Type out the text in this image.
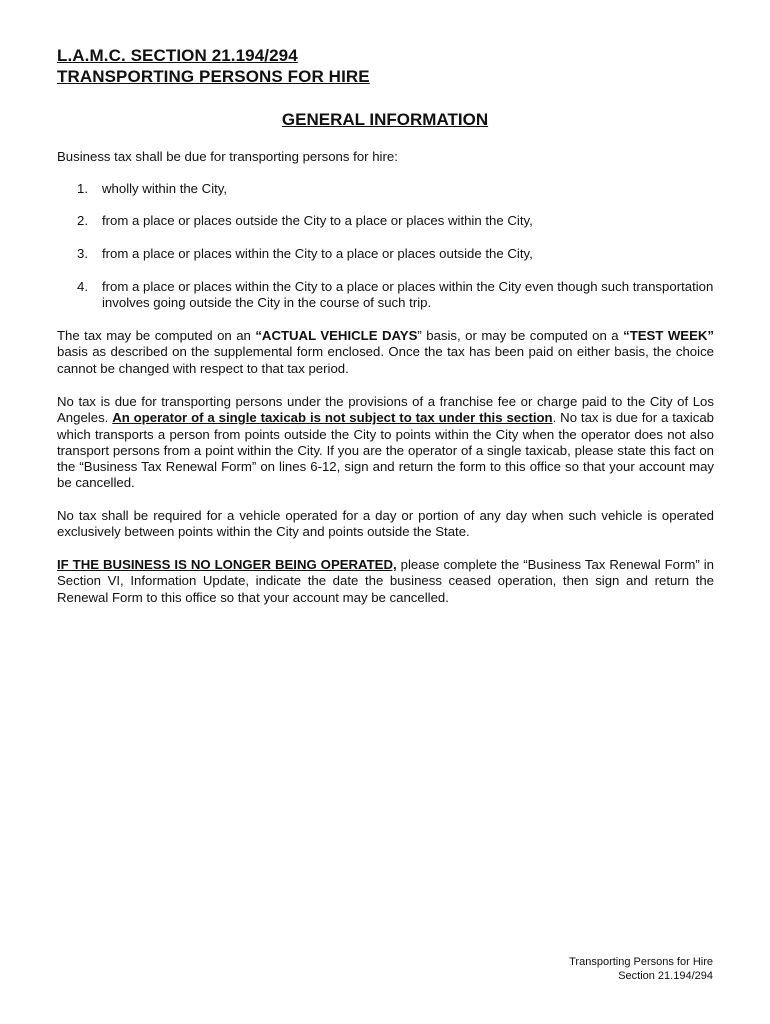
L.A.M.C. SECTION 21.194/294
TRANSPORTING PERSONS FOR HIRE
GENERAL INFORMATION
Business tax shall be due for transporting persons for hire:
1.	wholly within the City,
2.	from a place or places outside the City to a place or places within the City,
3.	from a place or places within the City to a place or places outside the City,
4.	from a place or places within the City to a place or places within the City even though such transportation involves going outside the City in the course of such trip.
The tax may be computed on an “ACTUAL VEHICLE DAYS” basis, or may be computed on a “TEST WEEK” basis as described on the supplemental form enclosed. Once the tax has been paid on either basis, the choice cannot be changed with respect to that tax period.
No tax is due for transporting persons under the provisions of a franchise fee or charge paid to the City of Los Angeles. An operator of a single taxicab is not subject to tax under this section. No tax is due for a taxicab which transports a person from points outside the City to points within the City when the operator does not also transport persons from a point within the City. If you are the operator of a single taxicab, please state this fact on the “Business Tax Renewal Form” on lines 6-12, sign and return the form to this office so that your account may be cancelled.
No tax shall be required for a vehicle operated for a day or portion of any day when such vehicle is operated exclusively between points within the City and points outside the State.
IF THE BUSINESS IS NO LONGER BEING OPERATED, please complete the “Business Tax Renewal Form” in Section VI, Information Update, indicate the date the business ceased operation, then sign and return the Renewal Form to this office so that your account may be cancelled.
Transporting Persons for Hire
Section 21.194/294
